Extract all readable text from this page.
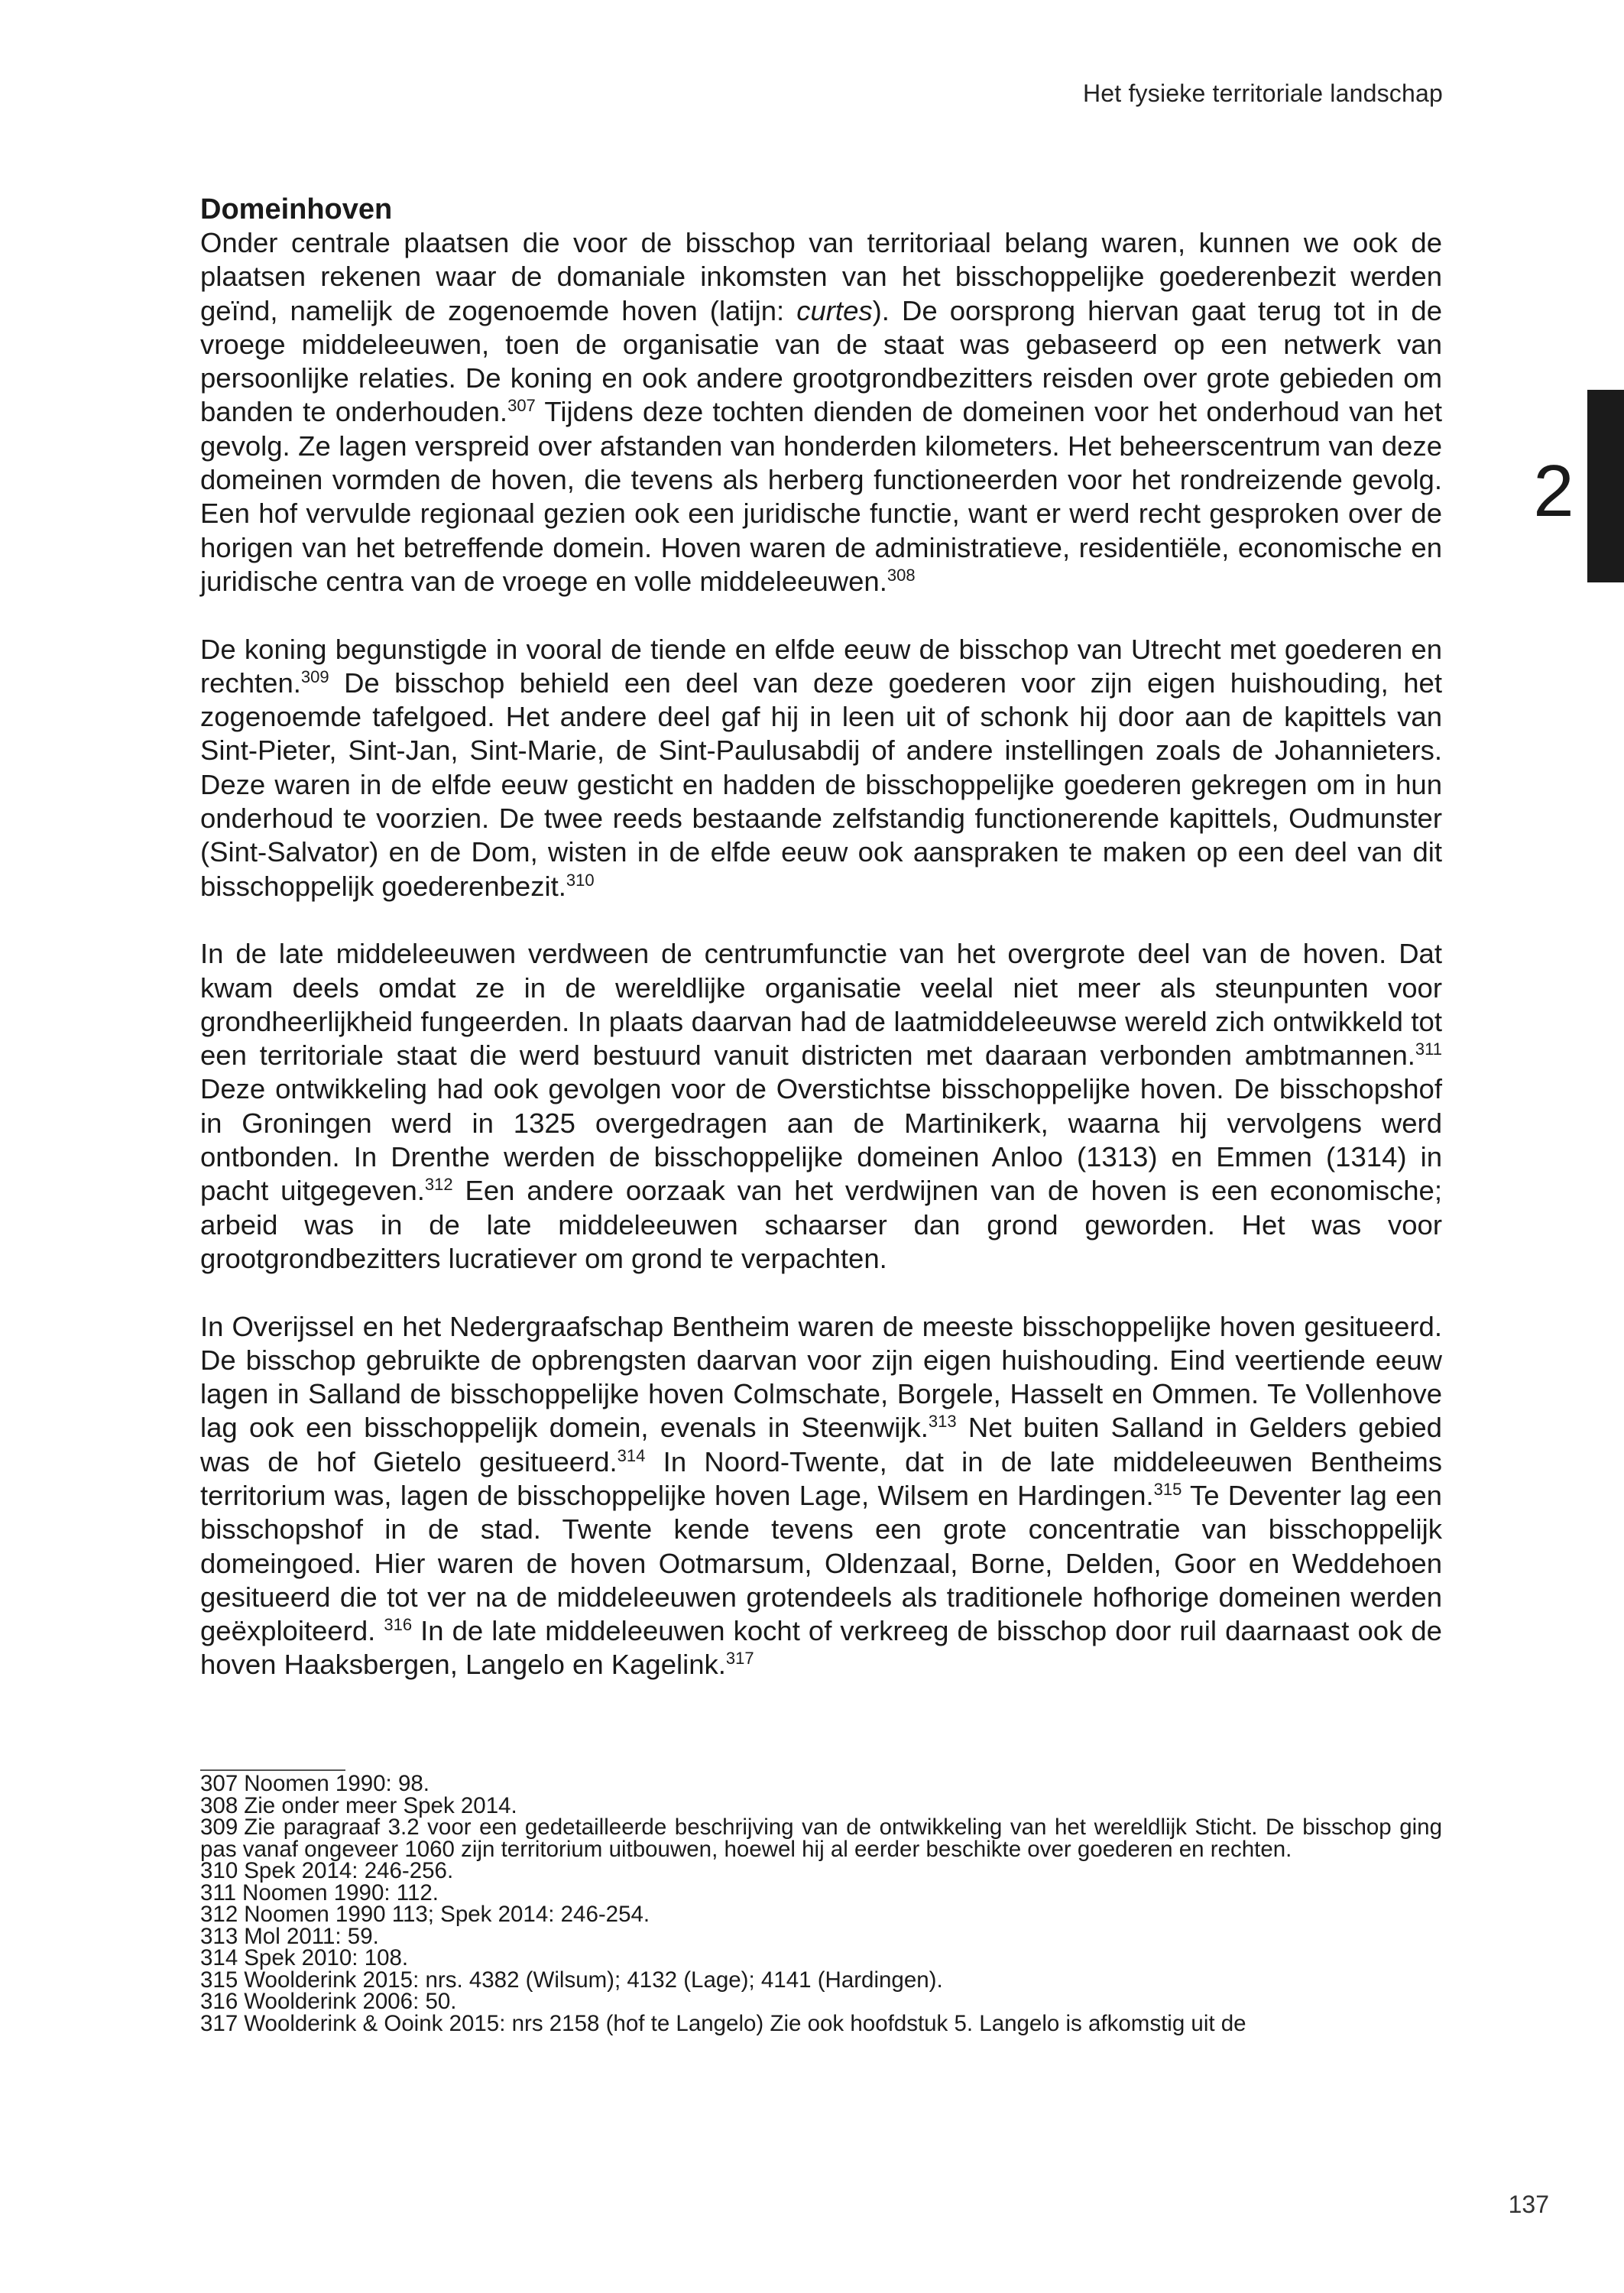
Het fysieke territoriale landschap
2
Domeinhoven

Onder centrale plaatsen die voor de bisschop van territoriaal belang waren, kunnen we ook de plaatsen rekenen waar de domaniale inkomsten van het bisschoppelijke goederenbezit werden geïnd, namelijk de zogenoemde hoven (latijn: curtes). De oorsprong hiervan gaat terug tot in de vroege middeleeuwen, toen de organisatie van de staat was gebaseerd op een netwerk van persoonlijke relaties. De koning en ook andere grootgrondbezitters reisden over grote gebieden om banden te onderhouden.$^{307}$ Tijdens deze tochten dienden de domeinen voor het onderhoud van het gevolg. Ze lagen verspreid over afstanden van honderden kilometers. Het beheerscentrum van deze domeinen vormden de hoven, die tevens als herberg functioneerden voor het rondreizende gevolg. Een hof vervulde regionaal gezien ook een juridische functie, want er werd recht gesproken over de horigen van het betreffende domein. Hoven waren de administratieve, residentiële, economische en juridische centra van de vroege en volle middeleeuwen.$^{308}$

De koning begunstigde in vooral de tiende en elfde eeuw de bisschop van Utrecht met goederen en rechten.$^{309}$ De bisschop behield een deel van deze goederen voor zijn eigen huishouding, het zogenoemde tafelgoed. Het andere deel gaf hij in leen uit of schonk hij door aan de kapittels van Sint-Pieter, Sint-Jan, Sint-Marie, de Sint-Paulusabdij of andere instellingen zoals de Johannieters. Deze waren in de elfde eeuw gesticht en hadden de bisschoppelijke goederen gekregen om in hun onderhoud te voorzien. De twee reeds bestaande zelfstandig functionerende kapittels, Oudmunster (Sint-Salvator) en de Dom, wisten in de elfde eeuw ook aanspraken te maken op een deel van dit bisschoppelijk goederenbezit.$^{310}$

In de late middeleeuwen verdween de centrumfunctie van het overgrote deel van de hoven. Dat kwam deels omdat ze in de wereldlijke organisatie veelal niet meer als steunpunten voor grondheerlijkheid fungeerden. In plaats daarvan had de laatmiddeleeuwse wereld zich ontwikkeld tot een territoriale staat die werd bestuurd vanuit districten met daaraan verbonden ambtmannen.$^{311}$ Deze ontwikkeling had ook gevolgen voor de Overstichtse bisschoppelijke hoven. De bisschopshof in Groningen werd in 1325 overgedragen aan de Martinikerk, waarna hij vervolgens werd ontbonden. In Drenthe werden de bisschoppelijke domeinen Anloo (1313) en Emmen (1314) in pacht uitgegeven.$^{312}$ Een andere oorzaak van het verdwijnen van de hoven is een economische; arbeid was in de late middeleeuwen schaarser dan grond geworden. Het was voor grootgrondbezitters lucratiever om grond te verpachten.

In Overijssel en het Nedergraafschap Bentheim waren de meeste bisschoppelijke hoven gesitueerd. De bisschop gebruikte de opbrengsten daarvan voor zijn eigen huishouding. Eind veertiende eeuw lagen in Salland de bisschoppelijke hoven Colmschate, Borgele, Hasselt en Ommen. Te Vollenhove lag ook een bisschoppelijk domein, evenals in Steenwijk.$^{313}$ Net buiten Salland in Gelders gebied was de hof Gietelo gesitueerd.$^{314}$ In Noord-Twente, dat in de late middeleeuwen Bentheims territorium was, lagen de bisschoppelijke hoven Lage, Wilsem en Hardingen.$^{315}$ Te Deventer lag een bisschopshof in de stad. Twente kende tevens een grote concentratie van bisschoppelijk domeingoed. Hier waren de hoven Ootmarsum, Oldenzaal, Borne, Delden, Goor en Weddehoen gesitueerd die tot ver na de middeleeuwen grotendeels als traditionele hofhorige domeinen werden geëxploiteerd. $^{316}$ In de late middeleeuwen kocht of verkreeg de bisschop door ruil daarnaast ook de hoven Haaksbergen, Langelo en Kagelink.$^{317}$

307 Noomen 1990: 98.

308 Zie onder meer Spek 2014.

309 Zie paragraaf 3.2 voor een gedetailleerde beschrijving van de ontwikkeling van het wereldlijk Sticht. De bisschop ging pas vanaf ongeveer 1060 zijn territorium uitbouwen, hoewel hij al eerder beschikte over goederen en rechten.

310 Spek 2014: 246-256.

311 Noomen 1990: 112.

312 Noomen 1990 113; Spek 2014: 246-254.

313 Mol 2011: 59.

314 Spek 2010: 108.

315 Woolderink 2015: nrs. 4382 (Wilsum); 4132 (Lage); 4141 (Hardingen).

316 Woolderink 2006: 50.

317 Woolderink & Ooink 2015: nrs 2158 (hof te Langelo) Zie ook hoofdstuk 5. Langelo is afkomstig uit de

137
